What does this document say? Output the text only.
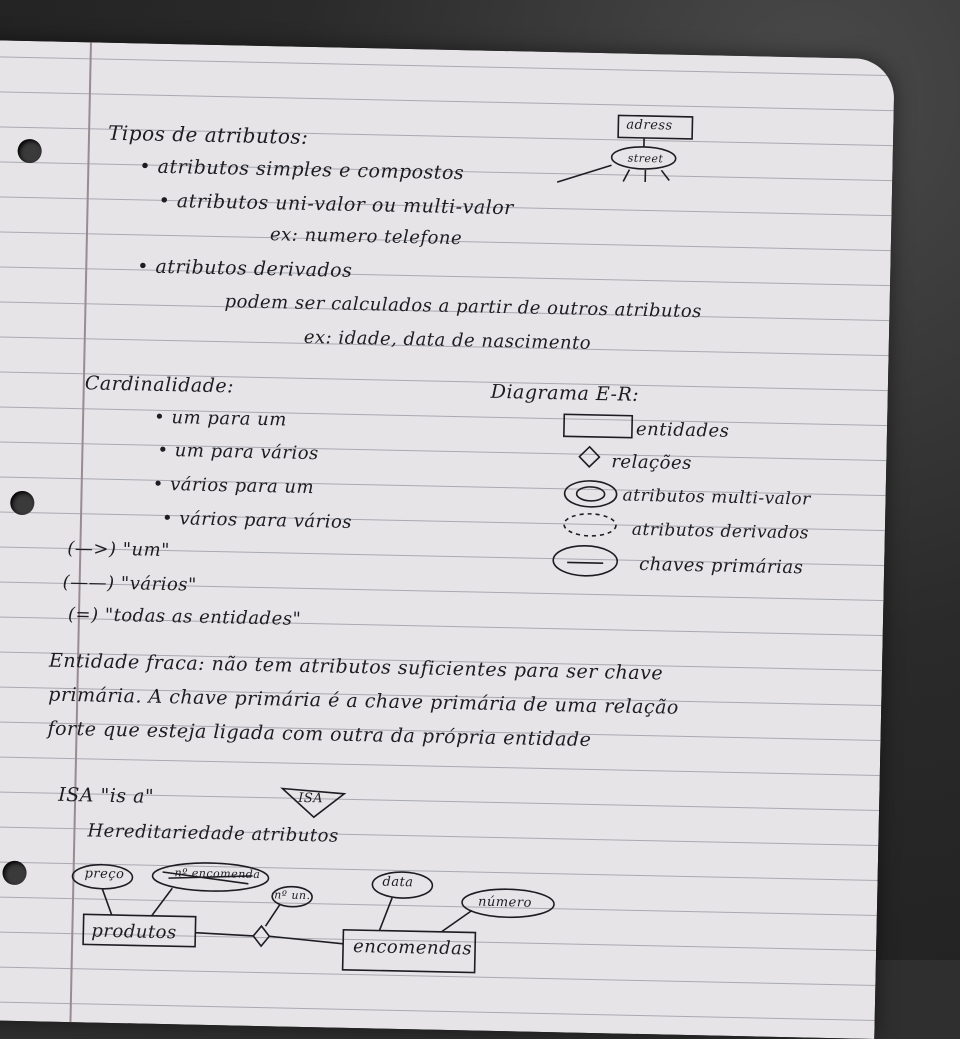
Tipos de atributos:
• atributos simples e compostos
• atributos uni-valor ou multi-valor
ex: numero telefone
• atributos derivados
podem ser calculados a partir de outros atributos
ex: idade, data de nascimento
adress
street
Cardinalidade:
• um para um
• um para vários
• vários para um
• vários para vários
(—>) "um"
(——) "vários"
(=) "todas as entidades"
Diagrama E-R:
entidades
relações
atributos multi-valor
atributos derivados
chaves primárias
Entidade fraca: não tem atributos suficientes para ser chave
primária. A chave primária é a chave primária de uma relação
forte que esteja ligada com outra da própria entidade
ISA "is a"	ISA
Hereditariedade atributos
preço	nº encomenda
nº un.
data
número
produtos
encomendas
